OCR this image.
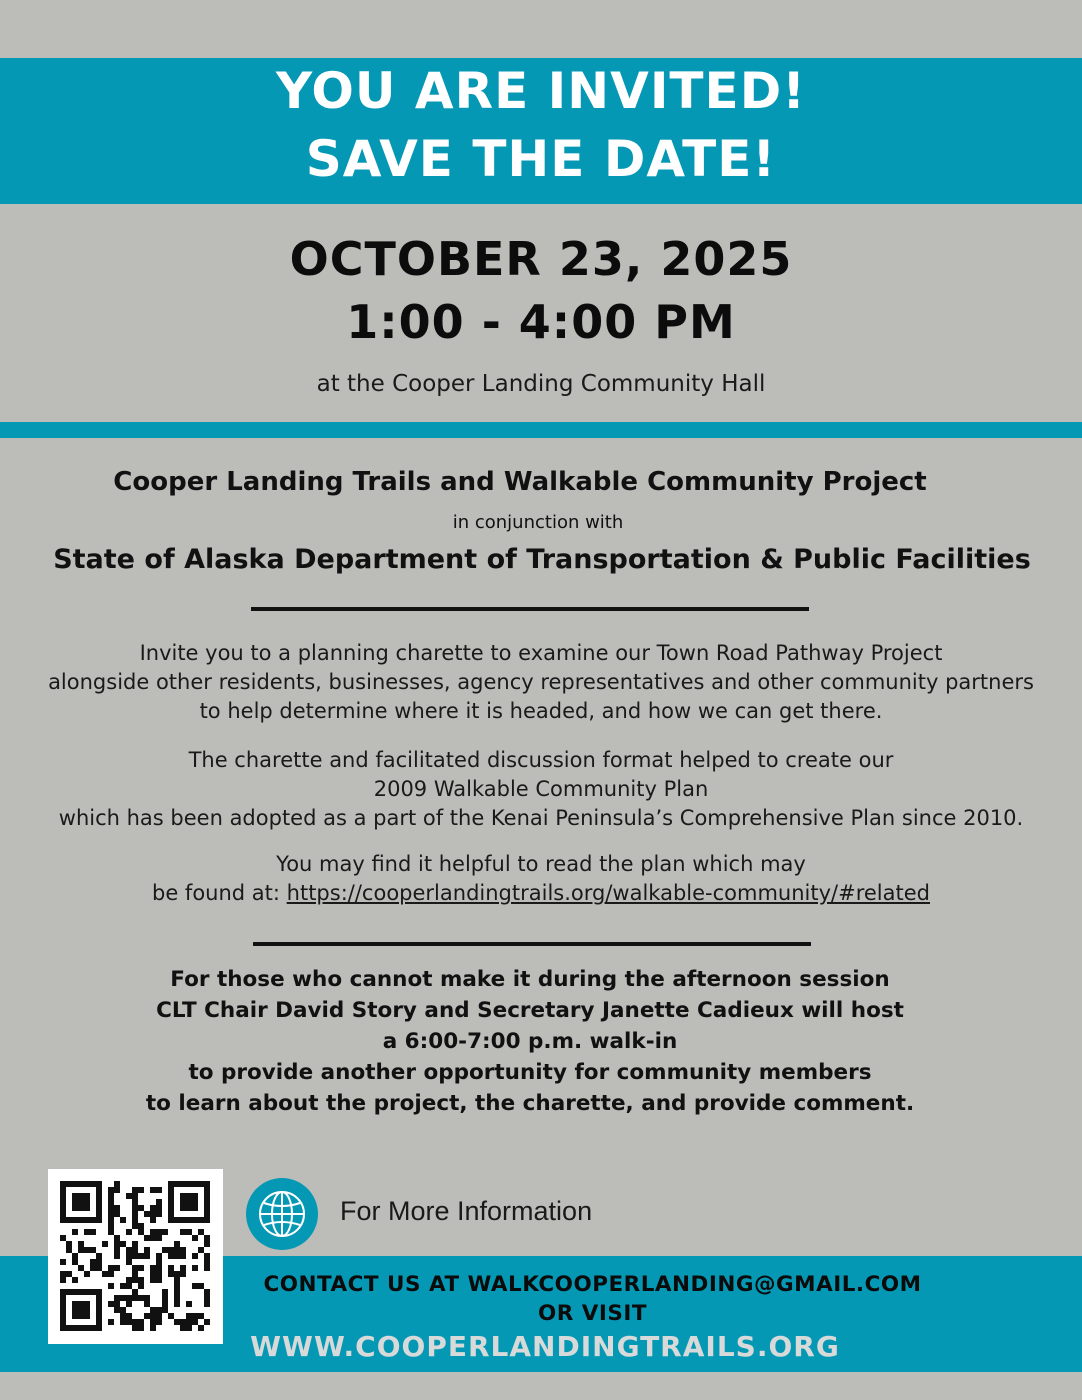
YOU ARE INVITED!
SAVE THE DATE!
OCTOBER 23, 2025
1:00 - 4:00 PM
at the Cooper Landing Community Hall
Cooper Landing Trails and Walkable Community Project
in conjunction with
State of Alaska Department of Transportation & Public Facilities
Invite you to a planning charette to examine our Town Road Pathway Project
alongside other residents, businesses, agency representatives and other community partners
to help determine where it is headed, and how we can get there.
The charette and facilitated discussion format helped to create our
2009 Walkable Community Plan
which has been adopted as a part of the Kenai Peninsula’s Comprehensive Plan since 2010.
You may find it helpful to read the plan which may
be found at: https://cooperlandingtrails.org/walkable-community/#related
For those who cannot make it during the afternoon session
CLT Chair David Story and Secretary Janette Cadieux will host
a 6:00-7:00 p.m. walk-in
to provide another opportunity for community members
to learn about the project, the charette, and provide comment.
For More Information
CONTACT US AT WALKCOOPERLANDING@GMAIL.COM
OR VISIT
WWW.COOPERLANDINGTRAILS.ORG
